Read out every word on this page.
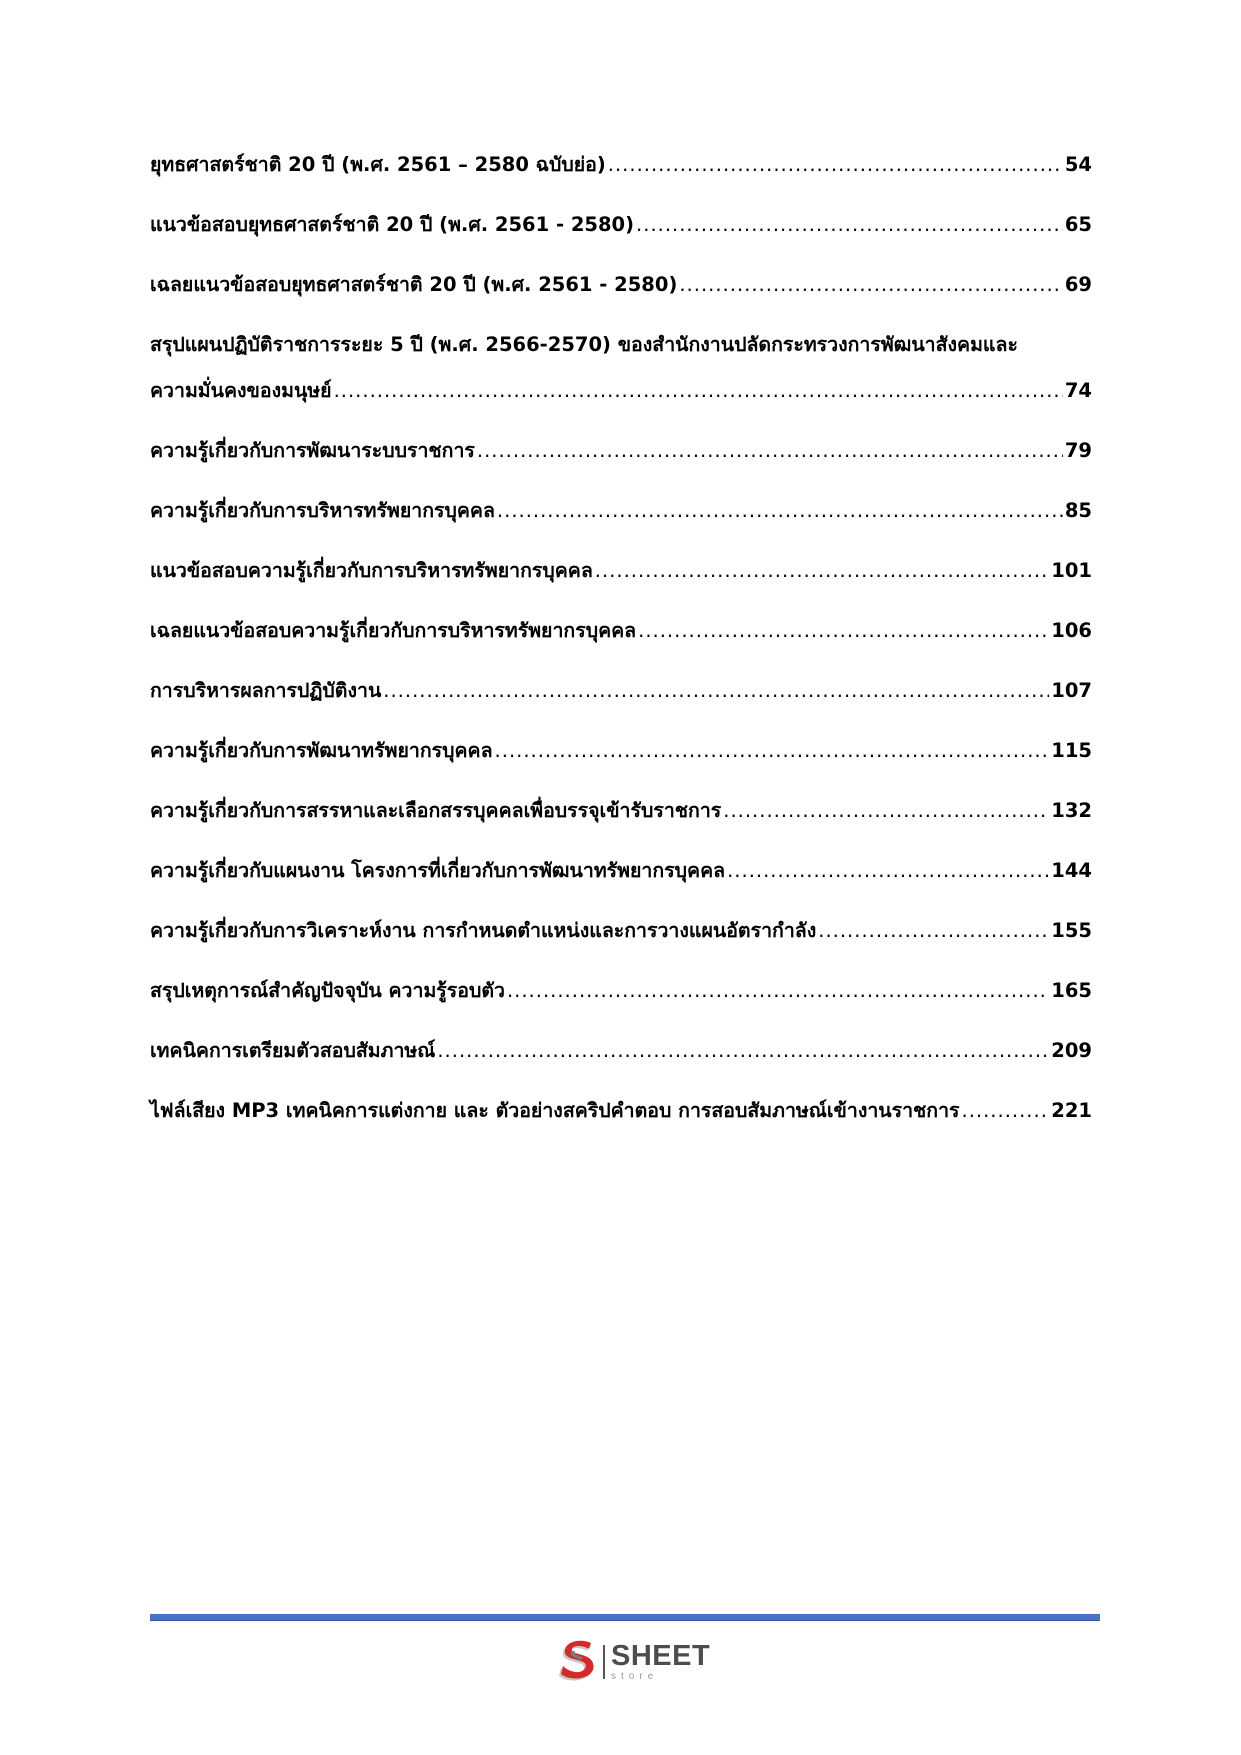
ยุทธศาสตร์ชาติ 20 ปี (พ.ศ. 2561 – 2580 ฉบับย่อ) .....	54
แนวข้อสอบยุทธศาสตร์ชาติ 20 ปี (พ.ศ. 2561 - 2580) .....	65
เฉลยแนวข้อสอบยุทธศาสตร์ชาติ 20 ปี (พ.ศ. 2561 - 2580) .....	69
สรุปแผนปฏิบัติราชการระยะ 5 ปี (พ.ศ. 2566-2570) ของสำนักงานปลัดกระทรวงการพัฒนาสังคมและ
ความมั่นคงของมนุษย์ .....	74
ความรู้เกี่ยวกับการพัฒนาระบบราชการ .....	79
ความรู้เกี่ยวกับการบริหารทรัพยากรบุคคล .....	85
แนวข้อสอบความรู้เกี่ยวกับการบริหารทรัพยากรบุคคล .....	101
เฉลยแนวข้อสอบความรู้เกี่ยวกับการบริหารทรัพยากรบุคคล .....	106
การบริหารผลการปฏิบัติงาน .....	107
ความรู้เกี่ยวกับการพัฒนาทรัพยากรบุคคล .....	115
ความรู้เกี่ยวกับการสรรหาและเลือกสรรบุคคลเพื่อบรรจุเข้ารับราชการ .....	132
ความรู้เกี่ยวกับแผนงาน โครงการที่เกี่ยวกับการพัฒนาทรัพยากรบุคคล .....	144
ความรู้เกี่ยวกับการวิเคราะห์งาน การกำหนดตำแหน่งและการวางแผนอัตรากำลัง .....	155
สรุปเหตุการณ์สำคัญปัจจุบัน ความรู้รอบตัว .....	165
เทคนิคการเตรียมตัวสอบสัมภาษณ์ .....	209
ไฟล์เสียง MP3 เทคนิคการแต่งกาย และ ตัวอย่างสคริปคำตอบ การสอบสัมภาษณ์เข้างานราชการ .....	221
SHEET
store
